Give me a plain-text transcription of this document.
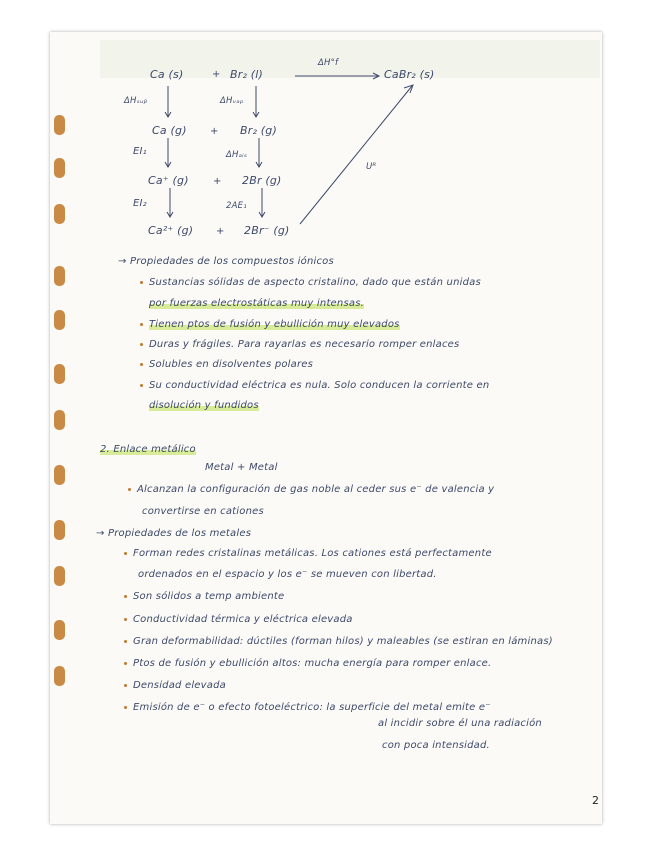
Ca (s)	+ Br₂ (l)
ΔH°f
CaBr₂ (s)
ΔHₛᵤᵦ	ΔHᵥₐₚ
Ca (g) + Br₂ (g)
EI₁	ΔHₐᵢₛ
Uᴿ
Ca⁺ (g) + 2Br (g)
EI₂	2AE₁
Ca²⁺ (g) + 2Br⁻ (g)
→ Propiedades de los compuestos iónicos
Sustancias sólidas de aspecto cristalino, dado que están unidas
por fuerzas electrostáticas muy intensas.
Tienen ptos de fusión y ebullición muy elevados
Duras y frágiles. Para rayarlas es necesario romper enlaces
Solubles en disolventes polares
Su conductividad eléctrica es nula. Solo conducen la corriente en
disolución y fundidos
2. Enlace metálico
Metal + Metal
Alcanzan la configuración de gas noble al ceder sus e⁻ de valencia y
convertirse en cationes
→ Propiedades de los metales
Forman redes cristalinas metálicas. Los cationes está perfectamente
ordenados en el espacio y los e⁻ se mueven con libertad.
Son sólidos a temp ambiente
Conductividad térmica y eléctrica elevada
Gran deformabilidad: dúctiles (forman hilos) y maleables (se estiran en láminas)
Ptos de fusión y ebullición altos: mucha energía para romper enlace.
Densidad elevada
Emisión de e⁻ o efecto fotoeléctrico: la superficie del metal emite e⁻
al incidir sobre él una radiación
con poca intensidad.
2
